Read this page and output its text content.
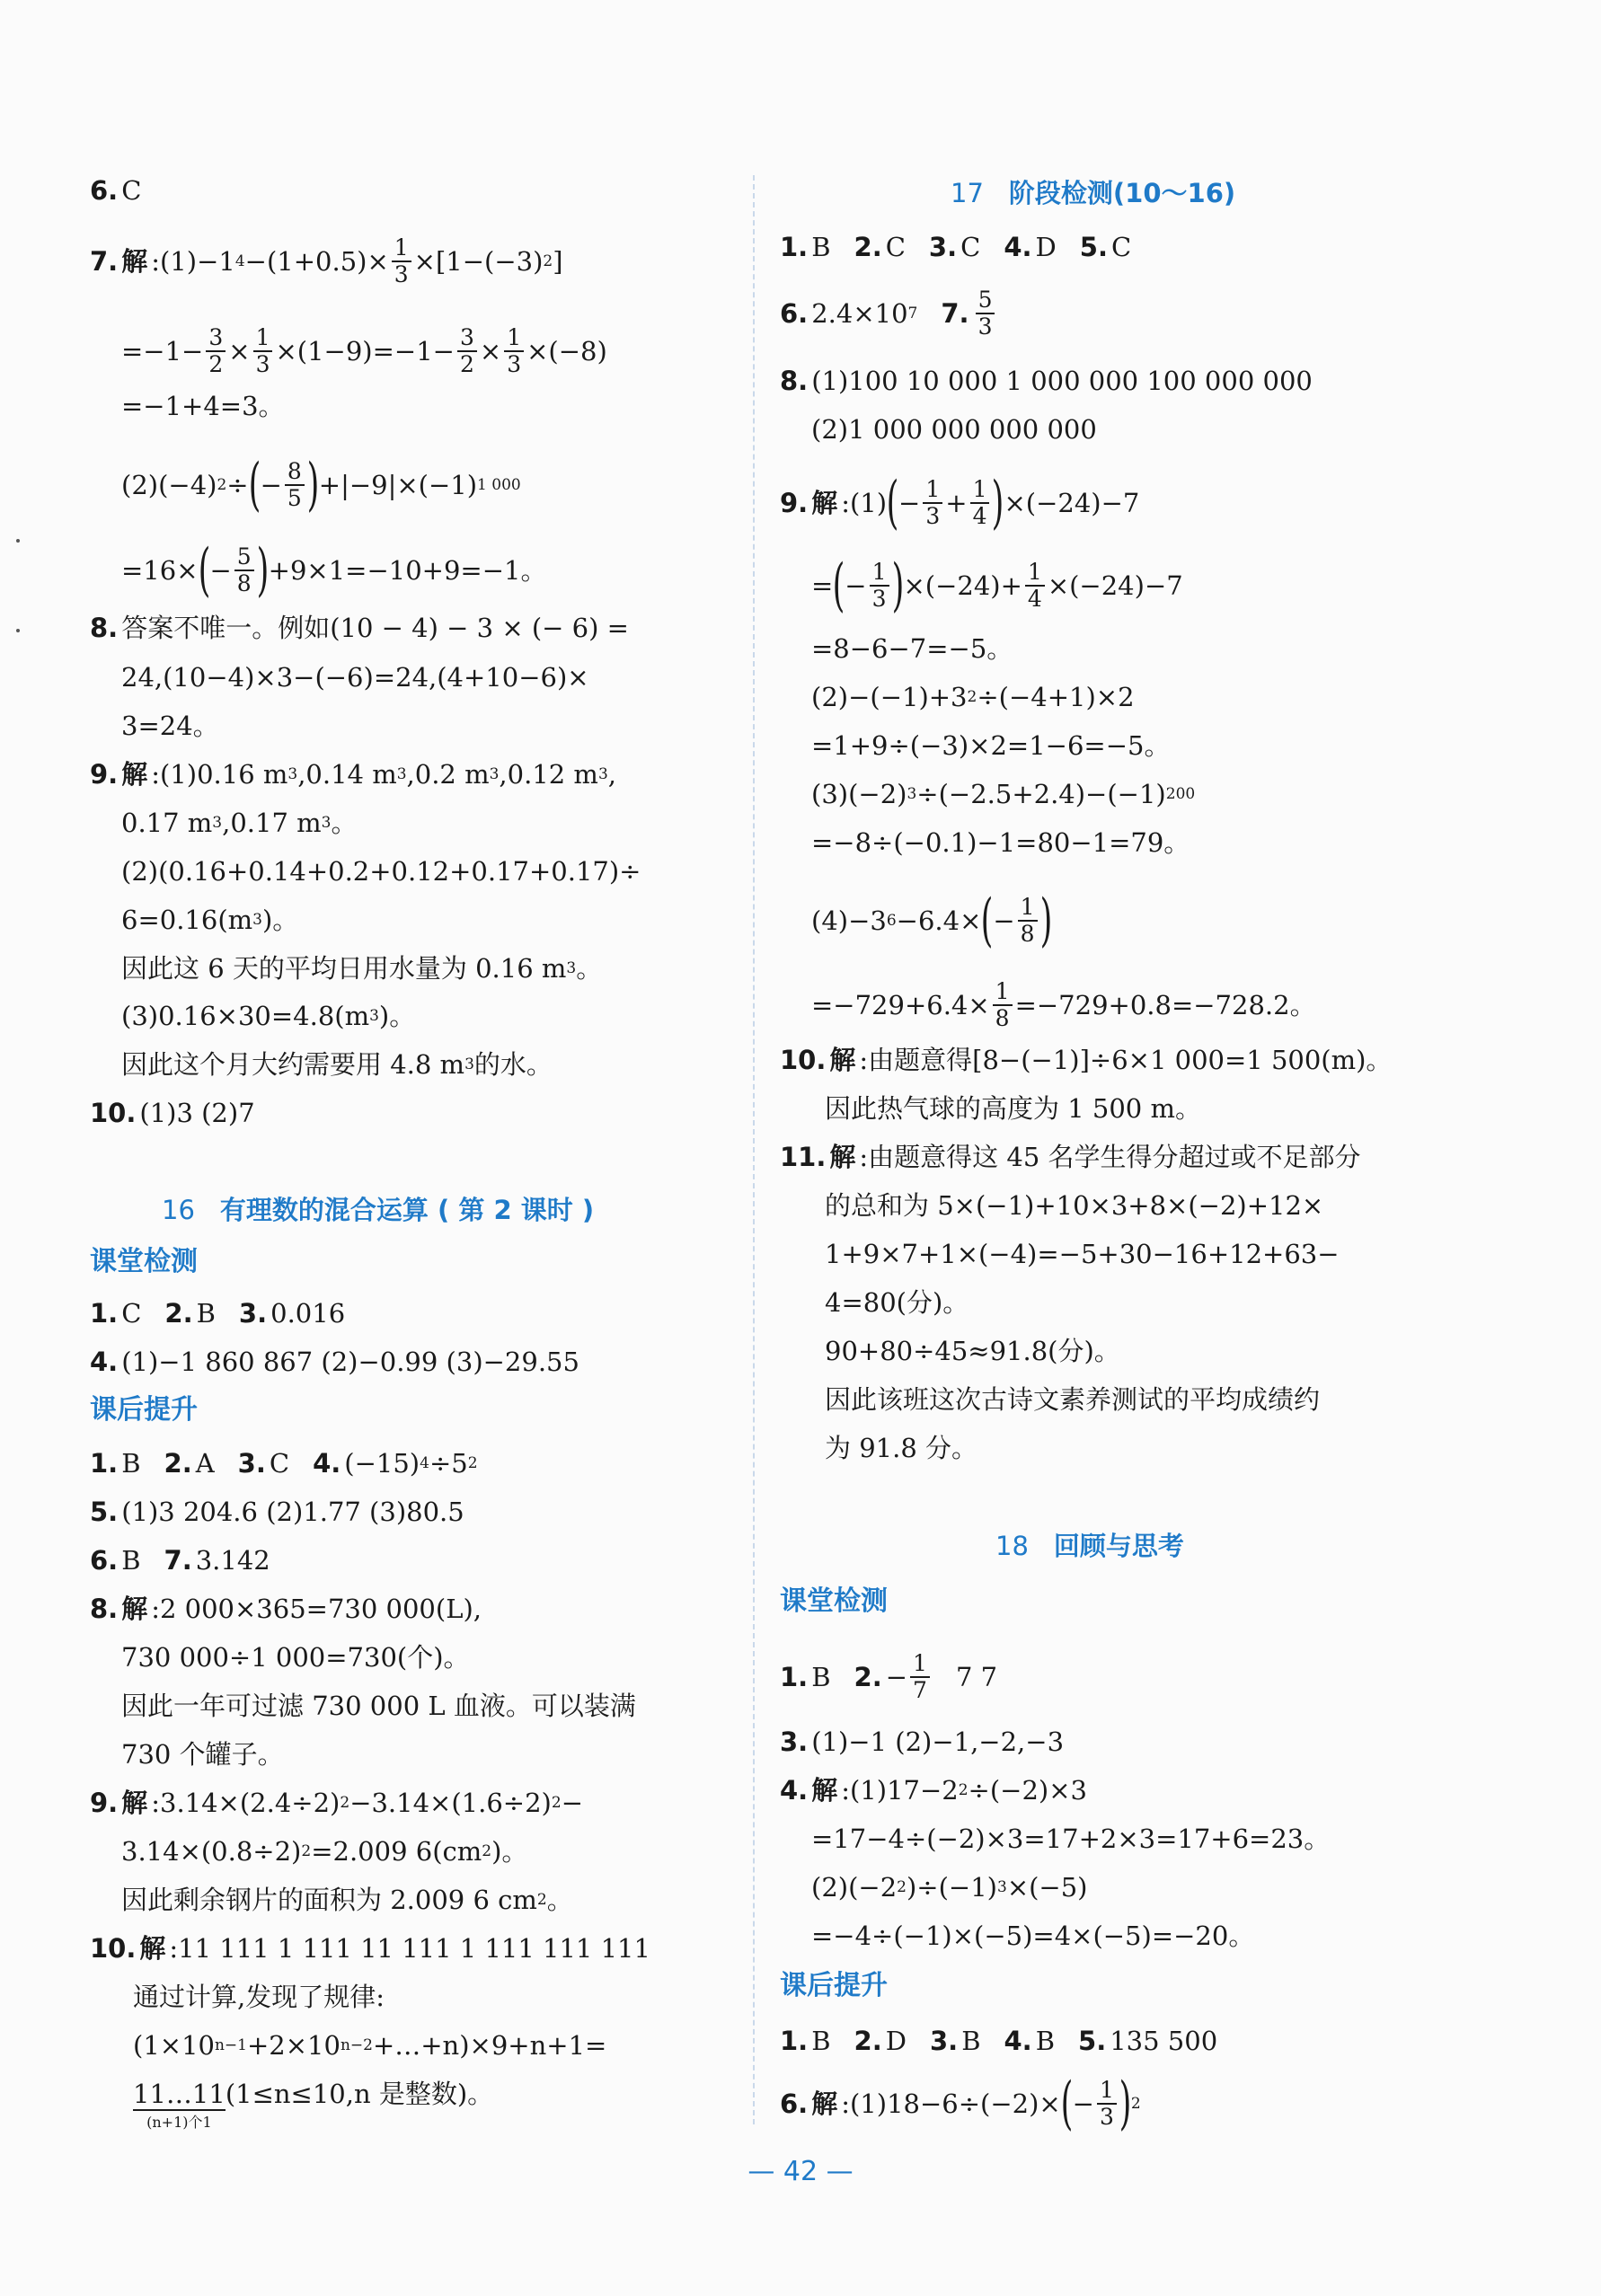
6. C
7. 解 :(1)−1 $4 -(1+0.5)\times \frac{1}{3} \times[1-(-3)$ 2 ]
$=-1- \frac{3}{2} \times \frac{1}{3} \times(1-9)=-1- \frac{3}{2} \times \frac{1}{3} \times(-8)$
=−1+4=3。
(2)(−4) 2 ÷ ( − $\frac{8}{5}$ ) +|−9|×(−1) 1 000
=16× ( − $\frac{5}{8}$ ) +9×1=−10+9=−1。
8. 答案不唯一。例如(10 − 4) − 3 × (− 6) =
24,(10−4)×3−(−6)=24,(4+10−6)×
3=24。
9. 解 :(1)0.16 m 3 ,0.14 m 3 ,0.2 m 3 ,0.12 m 3 ,
0.17 m 3 ,0.17 m 3 。
(2)(0.16+0.14+0.2+0.12+0.17+0.17)÷
6=0.16(m 3 )。
因此这 6 天的平均日用水量为 0.16 m 3 。
(3)0.16×30=4.8(m 3 )。
因此这个月大约需要用 4.8 m 3 的水。
10. (1)3 (2)7
16 有理数的混合运算 ( 第 2 课时 )
课堂检测
1. C 2. B 3. 0.016
4. (1)−1 860 867 (2)−0.99 (3)−29.55
课后提升
1. B 2. A 3. C 4. (−15) 4 ÷5 2
5. (1)3 204.6 (2)1.77 (3)80.5
6. B 7. 3.142
8. 解 :2 000×365=730 000(L),
730 000÷1 000=730(个)。
因此一年可过滤 730 000 L 血液。可以装满
730 个罐子。
9. 解 :3.14×(2.4÷2) 2 −3.14×(1.6÷2) 2 −
3.14×(0.8÷2) 2 =2.009 6(cm 2 )。
因此剩余钢片的面积为 2.009 6 cm 2 。
10. 解 :11 111 1 111 11 111 1 111 111 111
通过计算,发现了规律:
(1×10 n−1 +2×10 n−2 +…+n)×9+n+1=
11…11
(n+1)个1
(1≤n≤10,n 是整数)。
17 阶段检测(10～16)
1. B 2. C 3. C 4. D 5. C
6. 2.4×10 7 7. $\frac{5}{3}$
8. (1)100 10 000 1 000 000 100 000 000
(2)1 000 000 000 000
9. 解 :(1) ( − $\frac{1}{3} + \frac{1}{4}$ ) ×(−24)−7
= ( − $\frac{1}{3}$ ) $\times(-24)+ \frac{1}{4} \times(-24)-7$
=8−6−7=−5。
(2)−(−1)+3 2 ÷(−4+1)×2
=1+9÷(−3)×2=1−6=−5。
(3)(−2) 3 ÷(−2.5+2.4)−(−1) 200
=−8÷(−0.1)−1=80−1=79。
(4)−3 6 −6.4× ( − $\frac{1}{8}$ )
$=-729+6.4\times \frac{1}{8} =-729+0.8=-728.2$。
10. 解 :由题意得[8−(−1)]÷6×1 000=1 500(m)。
因此热气球的高度为 1 500 m。
11. 解 :由题意得这 45 名学生得分超过或不足部分
的总和为 5×(−1)+10×3+8×(−2)+12×
1+9×7+1×(−4)=−5+30−16+12+63−
4=80(分)。
90+80÷45≈91.8(分)。
因此该班这次古诗文素养测试的平均成绩约
为 91.8 分。
18 回顾与思考
课堂检测
1. B 2. − $\frac{1}{7} 7$ 7
3. (1)−1 (2)−1,−2,−3
4. 解 :(1)17−2 2 ÷(−2)×3
=17−4÷(−2)×3=17+2×3=17+6=23。
(2)(−2 2 )÷(−1) 3 ×(−5)
=−4÷(−1)×(−5)=4×(−5)=−20。
课后提升
1. B 2. D 3. B 4. B 5. 135 500
6. 解 :(1)18−6÷(−2)× ( − $\frac{1}{3}$ ) 2
— 42 —
